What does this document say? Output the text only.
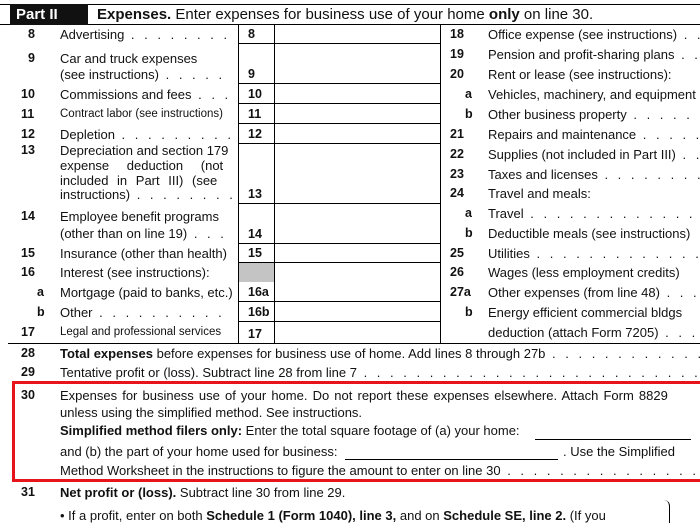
Part II	Expenses. Enter expenses for business use of your home only on line 30.
8 Advertising . . .	8
9 Car and truck expenses
(see instructions) . . .	9
10 Commissions and fees . . .	10
11 Contract labor (see instructions)	11
12 Depletion . . .	12
13 Depreciation and section 179
expense deduction (not
included in Part III) (see
instructions) . . .	13
14 Employee benefit programs
(other than on line 19) . . .	14
15 Insurance (other than health)	15
16 Interest (see instructions):
a Mortgage (paid to banks, etc.)	16a
b Other . . .	16b
17 Legal and professional services	17
18 Office expense (see instructions) . . .
19 Pension and profit-sharing plans . . .
20 Rent or lease (see instructions):
a Vehicles, machinery, and equipment
b Other business property . . .
21 Repairs and maintenance . . .
22 Supplies (not included in Part III) . . .
23 Taxes and licenses . . .
24 Travel and meals:
a Travel . . .
b Deductible meals (see instructions)
25 Utilities . . .
26 Wages (less employment credits)
27a Other expenses (from line 48) . . .
b Energy efficient commercial bldgs
deduction (attach Form 7205) . . .
28 Total expenses before expenses for business use of home. Add lines 8 through 27b . . .
29 Tentative profit or (loss). Subtract line 28 from line 7 . . .
30 Expenses for business use of your home. Do not report these expenses elsewhere. Attach Form 8829
unless using the simplified method. See instructions.
Simplified method filers only: Enter the total square footage of (a) your home:
and (b) the part of your home used for business:	. Use the Simplified
Method Worksheet in the instructions to figure the amount to enter on line 30 . . .
31 Net profit or (loss). Subtract line 30 from line 29.
• If a profit, enter on both Schedule 1 (Form 1040), line 3, and on Schedule SE, line 2. (If you
